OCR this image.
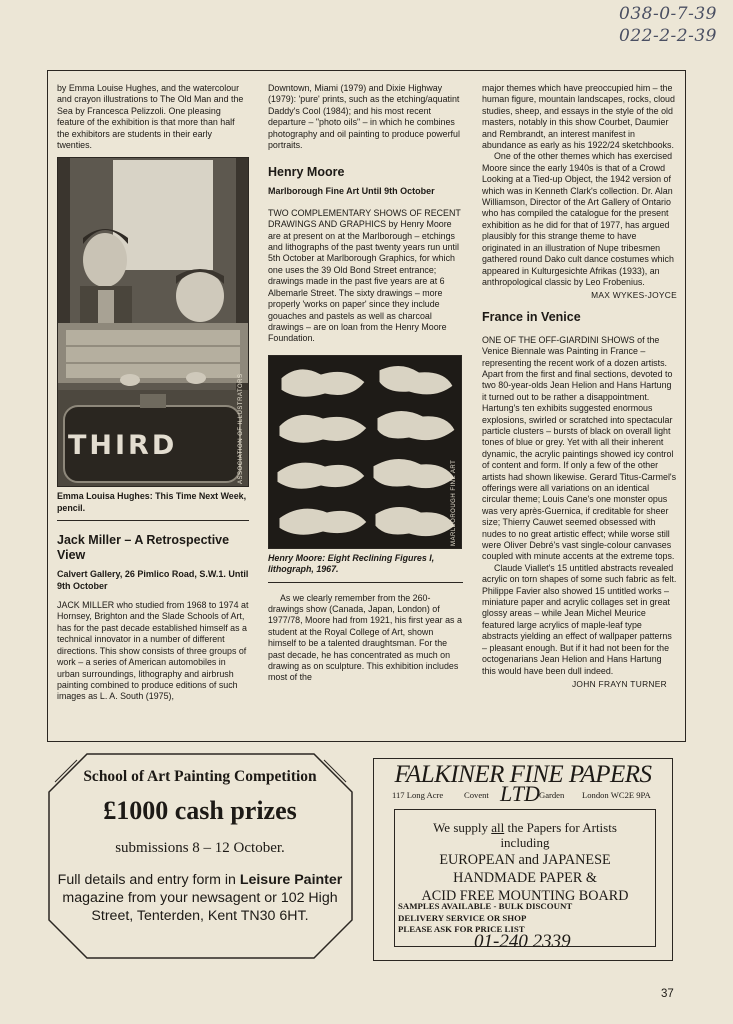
038-0-7-39
022-2-2-39

by Emma Louise Hughes, and the watercolour and crayon illustrations to The Old Man and the Sea by Francesca Pelizzoli. One pleasing feature of the exhibition is that more than half the exhibitors are students in their early twenties.

THIRD	ASSOCIATION OF ILLUSTRATORS
Emma Louisa Hughes: This Time Next Week, pencil.
Jack Miller – A Retrospective View
Calvert Gallery, 26 Pimlico Road, S.W.1. Until 9th October

JACK MILLER who studied from 1968 to 1974 at Hornsey, Brighton and the Slade Schools of Art, has for the past decade established himself as a technical innovator in a number of different directions. This show consists of three groups of work – a series of American automobiles in urban surroundings, lithography and airbrush painting combined to produce editions of such images as L. A. South (1975),

Downtown, Miami (1979) and Dixie Highway (1979): 'pure' prints, such as the etching/aquatint Daddy's Cool (1984); and his most recent departure – "photo oils" – in which he combines photography and oil painting to produce powerful portraits.

Henry Moore
Marlborough Fine Art Until 9th October

TWO COMPLEMENTARY SHOWS OF RECENT DRAWINGS AND GRAPHICS by Henry Moore are at present on at the Marlborough – etchings and lithographs of the past twenty years run until 5th October at Marlborough Graphics, for which one uses the 39 Old Bond Street entrance; drawings made in the past five years are at 6 Albemarle Street. The sixty drawings – more properly 'works on paper' since they include gouaches and pastels as well as charcoal drawings – are on loan from the Henry Moore Foundation.

MARLBOROUGH FINE ART
Henry Moore: Eight Reclining Figures I, lithograph, 1967.

As we clearly remember from the 260-drawings show (Canada, Japan, London) of 1977/78, Moore had from 1921, his first year as a student at the Royal College of Art, shown himself to be a talented draughtsman. For the past decade, he has concentrated as much on drawing as on sculpture. This exhibition includes most of the

major themes which have preoccupied him – the human figure, mountain landscapes, rocks, cloud studies, sheep, and essays in the style of the old masters, notably in this show Courbet, Daumier and Rembrandt, an interest manifest in abundance as early as his 1922/24 sketchbooks.

One of the other themes which has exercised Moore since the early 1940s is that of a Crowd Looking at a Tied-up Object, the 1942 version of which was in Kenneth Clark's collection. Dr. Alan Williamson, Director of the Art Gallery of Ontario who has compiled the catalogue for the present exhibition as he did for that of 1977, has argued plausibly for this strange theme to have originated in an illustration of Nupe tribesmen gathered round Dako cult dance costumes which appeared in Kulturgesichte Afrikas (1933), an anthropological classic by Leo Frobenius.

MAX WYKES-JOYCE
France in Venice

ONE OF THE OFF-GIARDINI SHOWS of the Venice Biennale was Painting in France – representing the recent work of a dozen artists. Apart from the first and final sections, devoted to two 80-year-olds Jean Helion and Hans Hartung it turned out to be rather a disappointment. Hartung's ten exhibits suggested enormous explosions, swirled or scratched into spectacular particle clusters – bursts of black on overall light tones of blue or grey. Yet with all their inherent dynamic, the acrylic paintings showed icy control of content and form. If only a few of the other artists had shown likewise. Gerard Titus-Carmel's offerings were all variations on an identical circular theme; Louis Cane's one monster opus was very après-Guernica, if creditable for sheer size; Thierry Cauwet seemed obsessed with nudes to no great artistic effect; while worse still were Oliver Debré's vast single-colour canvases coupled with minute accents at the extreme tops.

Claude Viallet's 15 untitled abstracts revealed acrylic on torn shapes of some such fabric as felt. Philippe Favier also showed 15 untitled works – miniature paper and acrylic collages set in great glossy areas – while Jean Michel Meurice featured large acrylics of maple-leaf type abstracts yielding an effect of wallpaper patterns – pleasant enough. But if it had not been for the octogenarians Jean Helion and Hans Hartung this would have been dull indeed.

JOHN FRAYN TURNER
School of Art Painting Competition
£1000 cash prizes
submissions 8 – 12 October.
Full details and entry form in Leisure Painter magazine from your newsagent or 102 High Street, Tenterden, Kent TN30 6HT.
FALKINER FINE PAPERS
117 Long Acre Covent	Garden London WC2E 9PA
LTD
We supply all the Papers for Artists
including
EUROPEAN and JAPANESE
HANDMADE PAPER &
ACID FREE MOUNTING BOARD
SAMPLES AVAILABLE - BULK DISCOUNT
DELIVERY SERVICE OR SHOP
PLEASE ASK FOR PRICE LIST
01-240 2339
37
